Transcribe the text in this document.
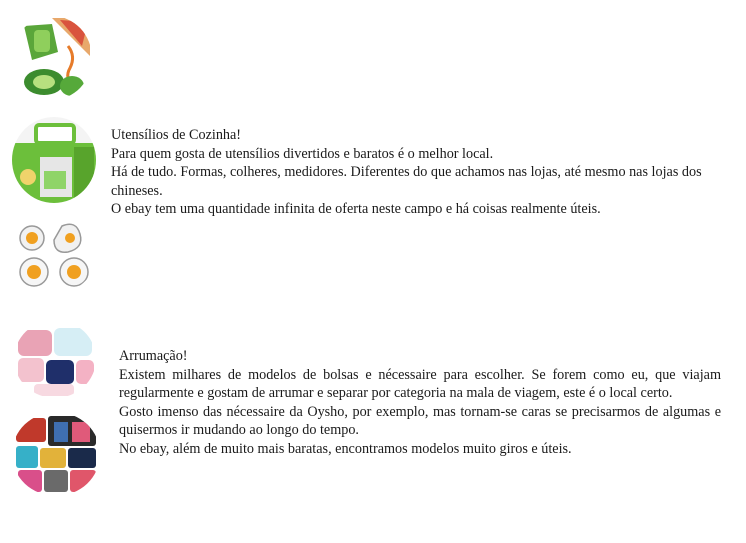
Utensílios de Cozinha!

Para quem gosta de utensílios divertidos e baratos é o melhor local.

Há de tudo. Formas, colheres, medidores. Diferentes do que achamos nas lojas, até mesmo nas lojas dos chineses.

O ebay tem uma quantidade infinita de oferta neste campo e há coisas realmente úteis.

Arrumação!

Existem milhares de modelos de bolsas e nécessaire para escolher. Se forem como eu, que viajam regularmente e gostam de arrumar e separar por categoria na mala de viagem, este é o local certo.

Gosto imenso das nécessaire da Oysho, por exemplo, mas tornam-se caras se precisarmos de algumas e quisermos ir mudando ao longo do tempo.

No ebay, além de muito mais baratas, encontramos modelos muito giros e úteis.
